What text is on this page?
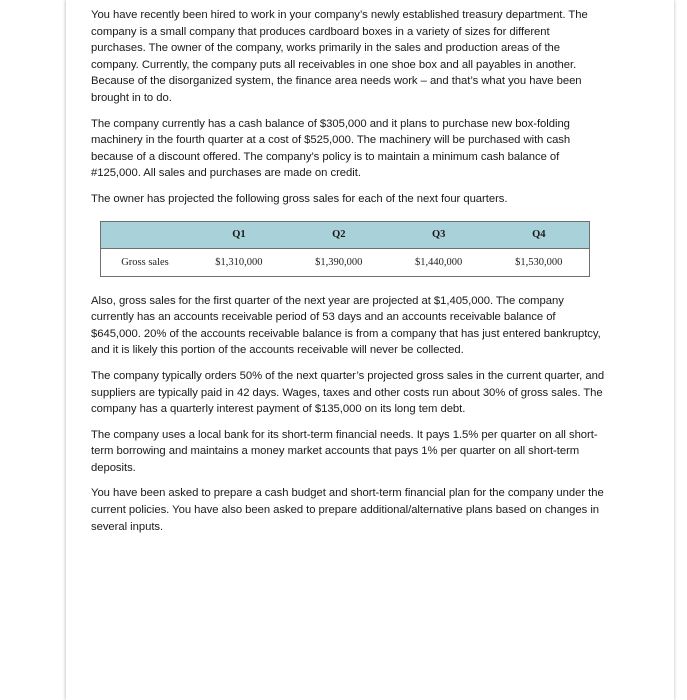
You have recently been hired to work in your company’s newly established treasury department. The company is a small company that produces cardboard boxes in a variety of sizes for different purchases. The owner of the company, works primarily in the sales and production areas of the company. Currently, the company puts all receivables in one shoe box and all payables in another. Because of the disorganized system, the finance area needs work – and that’s what you have been brought in to do.

The company currently has a cash balance of $305,000 and it plans to purchase new box-folding machinery in the fourth quarter at a cost of $525,000. The machinery will be purchased with cash because of a discount offered. The company’s policy is to maintain a minimum cash balance of #125,000. All sales and purchases are made on credit.

The owner has projected the following gross sales for each of the next four quarters.

	Q1	Q2	Q3	Q4
Gross sales	$1,310,000	$1,390,000	$1,440,000	$1,530,000

Also, gross sales for the first quarter of the next year are projected at $1,405,000. The company currently has an accounts receivable period of 53 days and an accounts receivable balance of $645,000. 20% of the accounts receivable balance is from a company that has just entered bankruptcy, and it is likely this portion of the accounts receivable will never be collected.

The company typically orders 50% of the next quarter’s projected gross sales in the current quarter, and suppliers are typically paid in 42 days. Wages, taxes and other costs run about 30% of gross sales. The company has a quarterly interest payment of $135,000 on its long tem debt.

The company uses a local bank for its short-term financial needs. It pays 1.5% per quarter on all short-term borrowing and maintains a money market accounts that pays 1% per quarter on all short-term deposits.

You have been asked to prepare a cash budget and short-term financial plan for the company under the current policies. You have also been asked to prepare additional/alternative plans based on changes in several inputs.
